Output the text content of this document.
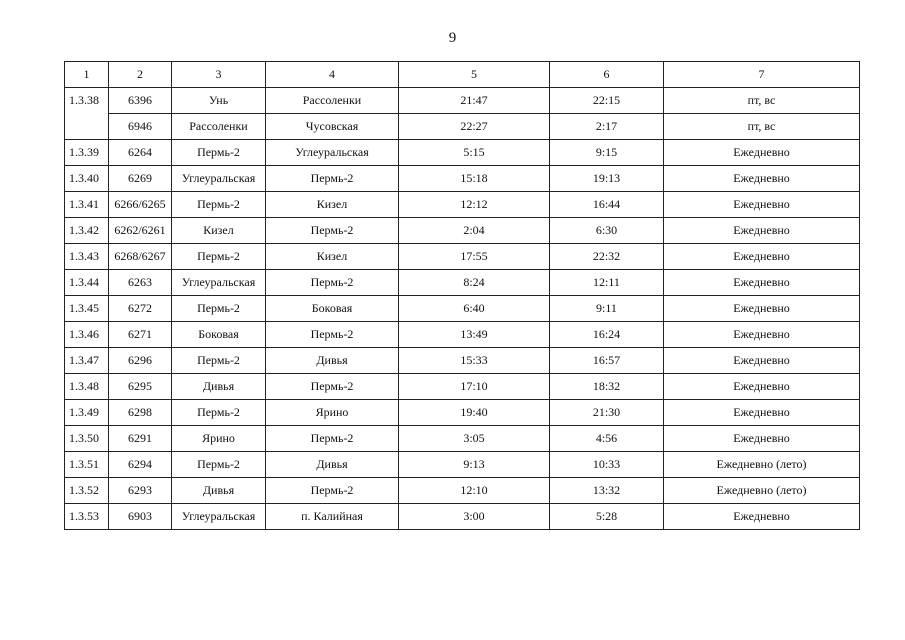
9
1	2	3	4	5	6	7
1.3.38	6396	Унь	Рассоленки	21:47	22:15	пт, вс
	6946	Рассоленки	Чусовская	22:27	2:17	пт, вс
1.3.39	6264	Пермь-2	Углеуральская	5:15	9:15	Ежедневно
1.3.40	6269	Углеуральская	Пермь-2	15:18	19:13	Ежедневно
1.3.41	6266/6265	Пермь-2	Кизел	12:12	16:44	Ежедневно
1.3.42	6262/6261	Кизел	Пермь-2	2:04	6:30	Ежедневно
1.3.43	6268/6267	Пермь-2	Кизел	17:55	22:32	Ежедневно
1.3.44	6263	Углеуральская	Пермь-2	8:24	12:11	Ежедневно
1.3.45	6272	Пермь-2	Боковая	6:40	9:11	Ежедневно
1.3.46	6271	Боковая	Пермь-2	13:49	16:24	Ежедневно
1.3.47	6296	Пермь-2	Дивья	15:33	16:57	Ежедневно
1.3.48	6295	Дивья	Пермь-2	17:10	18:32	Ежедневно
1.3.49	6298	Пермь-2	Ярино	19:40	21:30	Ежедневно
1.3.50	6291	Ярино	Пермь-2	3:05	4:56	Ежедневно
1.3.51	6294	Пермь-2	Дивья	9:13	10:33	Ежедневно (лето)
1.3.52	6293	Дивья	Пермь-2	12:10	13:32	Ежедневно (лето)
1.3.53	6903	Углеуральская	п. Калийная	3:00	5:28	Ежедневно
